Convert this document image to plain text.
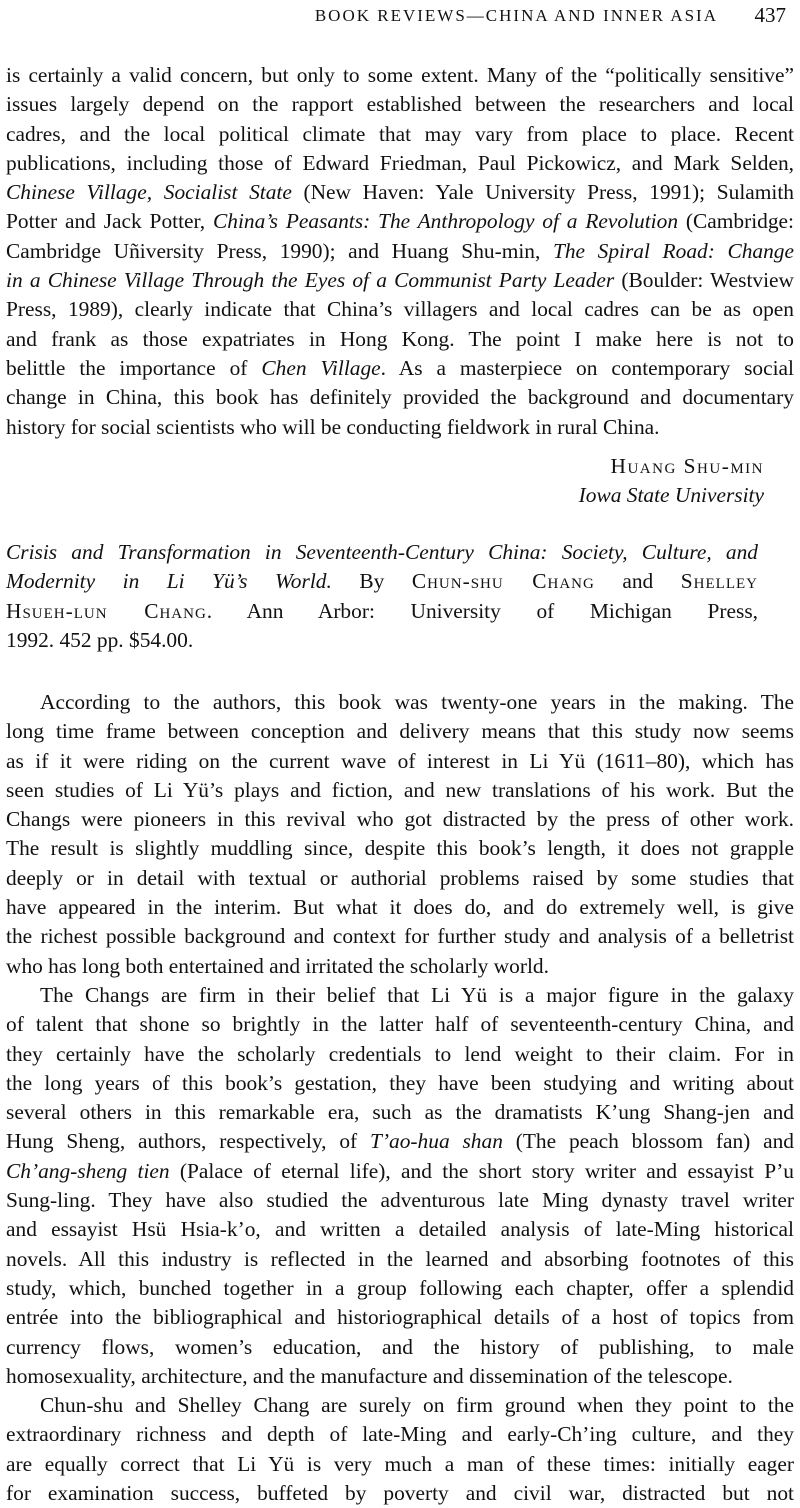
BOOK REVIEWS—CHINA AND INNER ASIA 437
is certainly a valid concern, but only to some extent. Many of the “politically sensitive”
issues largely depend on the rapport established between the researchers and local
cadres, and the local political climate that may vary from place to place. Recent
publications, including those of Edward Friedman, Paul Pickowicz, and Mark Selden,
Chinese Village, Socialist State (New Haven: Yale University Press, 1991); Sulamith
Potter and Jack Potter, China’s Peasants: The Anthropology of a Revolution (Cambridge:
Cambridge Uñiversity Press, 1990); and Huang Shu-min, The Spiral Road: Change
in a Chinese Village Through the Eyes of a Communist Party Leader (Boulder: Westview
Press, 1989), clearly indicate that China’s villagers and local cadres can be as open
and frank as those expatriates in Hong Kong. The point I make here is not to
belittle the importance of Chen Village. As a masterpiece on contemporary social
change in China, this book has definitely provided the background and documentary
history for social scientists who will be conducting fieldwork in rural China.
Huang Shu-min
Iowa State University
Crisis and Transformation in Seventeenth-Century China: Society, Culture, and
Modernity in Li Yü’s World. By Chun-shu Chang and Shelley
Hsueh-lun Chang. Ann Arbor: University of Michigan Press,
1992. 452 pp. $54.00.
According to the authors, this book was twenty-one years in the making. The
long time frame between conception and delivery means that this study now seems
as if it were riding on the current wave of interest in Li Yü (1611–80), which has
seen studies of Li Yü’s plays and fiction, and new translations of his work. But the
Changs were pioneers in this revival who got distracted by the press of other work.
The result is slightly muddling since, despite this book’s length, it does not grapple
deeply or in detail with textual or authorial problems raised by some studies that
have appeared in the interim. But what it does do, and do extremely well, is give
the richest possible background and context for further study and analysis of a belletrist
who has long both entertained and irritated the scholarly world.
The Changs are firm in their belief that Li Yü is a major figure in the galaxy
of talent that shone so brightly in the latter half of seventeenth-century China, and
they certainly have the scholarly credentials to lend weight to their claim. For in
the long years of this book’s gestation, they have been studying and writing about
several others in this remarkable era, such as the dramatists K’ung Shang-jen and
Hung Sheng, authors, respectively, of T’ao-hua shan (The peach blossom fan) and
Ch’ang-sheng tien (Palace of eternal life), and the short story writer and essayist P’u
Sung-ling. They have also studied the adventurous late Ming dynasty travel writer
and essayist Hsü Hsia-k’o, and written a detailed analysis of late-Ming historical
novels. All this industry is reflected in the learned and absorbing footnotes of this
study, which, bunched together in a group following each chapter, offer a splendid
entrée into the bibliographical and historiographical details of a host of topics from
currency flows, women’s education, and the history of publishing, to male
homosexuality, architecture, and the manufacture and dissemination of the telescope.
Chun-shu and Shelley Chang are surely on firm ground when they point to the
extraordinary richness and depth of late-Ming and early-Ch’ing culture, and they
are equally correct that Li Yü is very much a man of these times: initially eager
for examination success, buffeted by poverty and civil war, distracted but not
